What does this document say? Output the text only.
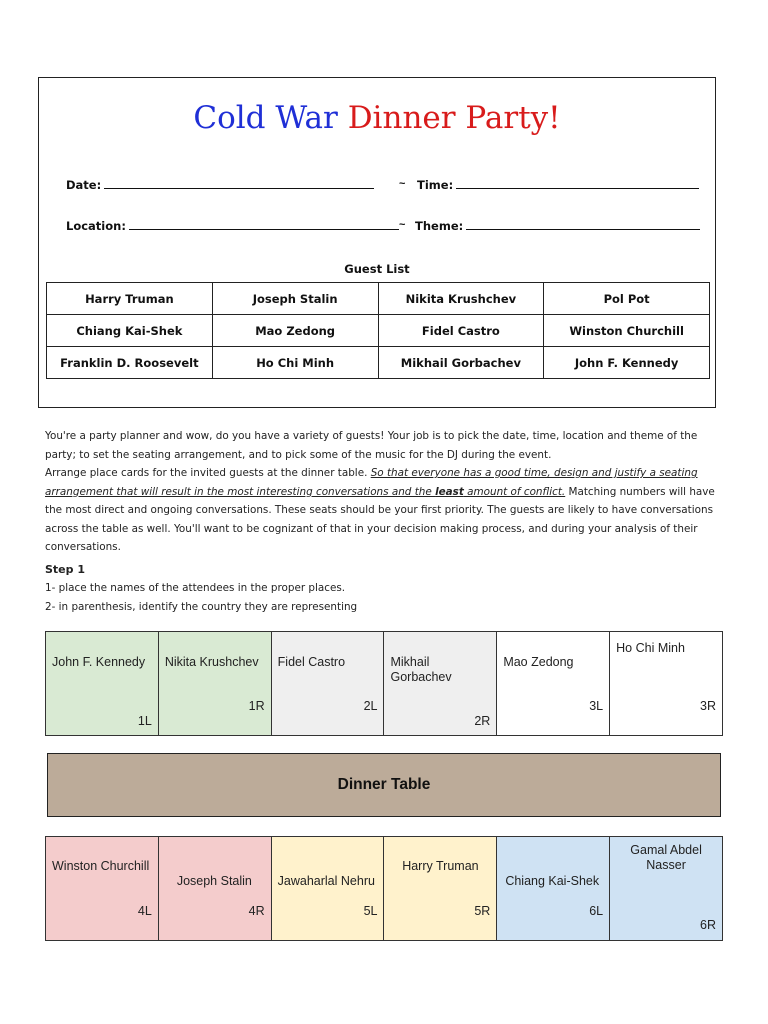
Cold War Dinner Party!
Date:	~ Time:
Location:	~ Theme:
Guest List
Harry Truman	Joseph Stalin	Nikita Krushchev	Pol Pot
Chiang Kai-Shek	Mao Zedong	Fidel Castro	Winston Churchill
Franklin D. Roosevelt	Ho Chi Minh	Mikhail Gorbachev	John F. Kennedy

You're a party planner and wow, do you have a variety of guests! Your job is to pick the date, time, location and theme of the party; to set the seating arrangement, and to pick some of the music for the DJ during the event.

Arrange place cards for the invited guests at the dinner table. So that everyone has a good time, design and justify a seating arrangement that will result in the most interesting conversations and the least amount of conflict. Matching numbers will have the most direct and ongoing conversations. These seats should be your first priority. The guests are likely to have conversations across the table as well. You'll want to be cognizant of that in your decision making process, and during your analysis of their conversations.

Step 1
1- place the names of the attendees in the proper places.
2- in parenthesis, identify the country they are representing
John F. Kennedy
1L

Nikita Krushchev
1R

Fidel Castro
2L

Mikhail
Gorbachev
2R

Mao Zedong
3L

Ho Chi Minh
3R
Dinner Table
Winston Churchill
4L

Joseph Stalin
4R

Jawaharlal Nehru
5L

Harry Truman
5R

Chiang Kai-Shek
6L

Gamal Abdel
Nasser
6R
